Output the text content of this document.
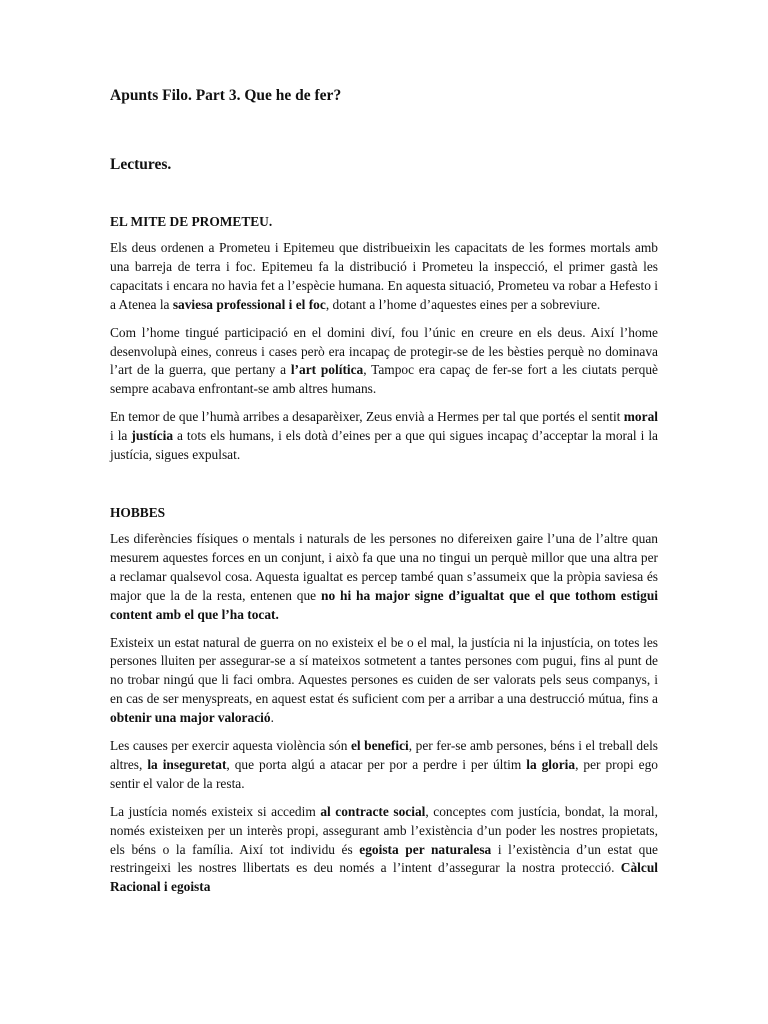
Apunts Filo. Part 3. Que he de fer?
Lectures.
EL MITE DE PROMETEU.

Els deus ordenen a Prometeu i Epitemeu que distribueixin les capacitats de les formes mortals amb una barreja de terra i foc. Epitemeu fa la distribució i Prometeu la inspecció, el primer gastà les capacitats i encara no havia fet a l’espècie humana. En aquesta situació, Prometeu va robar a Hefesto i a Atenea la saviesa professional i el foc, dotant a l’home d’aquestes eines per a sobreviure.

Com l’home tingué participació en el domini diví, fou l’únic en creure en els deus. Així l’home desenvolupà eines, conreus i cases però era incapaç de protegir-se de les bèsties perquè no dominava l’art de la guerra, que pertany a l’art política, Tampoc era capaç de fer-se fort a les ciutats perquè sempre acabava enfrontant-se amb altres humans.

En temor de que l’humà arribes a desaparèixer, Zeus envià a Hermes per tal que portés el sentit moral i la justícia a tots els humans, i els dotà d’eines per a que qui sigues incapaç d’acceptar la moral i la justícia, sigues expulsat.

HOBBES

Les diferències físiques o mentals i naturals de les persones no difereixen gaire l’una de l’altre quan mesurem aquestes forces en un conjunt, i això fa que una no tingui un perquè millor que una altra per a reclamar qualsevol cosa. Aquesta igualtat es percep també quan s’assumeix que la pròpia saviesa és major que la de la resta, entenen que no hi ha major signe d’igualtat que el que tothom estigui content amb el que l’ha tocat.

Existeix un estat natural de guerra on no existeix el be o el mal, la justícia ni la injustícia, on totes les persones lluiten per assegurar-se a sí mateixos sotmetent a tantes persones com pugui, fins al punt de no trobar ningú que li faci ombra. Aquestes persones es cuiden de ser valorats pels seus companys, i en cas de ser menyspreats, en aquest estat és suficient com per a arribar a una destrucció mútua, fins a obtenir una major valoració.

Les causes per exercir aquesta violència són el benefici, per fer-se amb persones, béns i el treball dels altres, la inseguretat, que porta algú a atacar per por a perdre i per últim la gloria, per propi ego sentir el valor de la resta.

La justícia només existeix si accedim al contracte social, conceptes com justícia, bondat, la moral, només existeixen per un interès propi, assegurant amb l’existència d’un poder les nostres propietats, els béns o la família. Així tot individu és egoista per naturalesa i l’existència d’un estat que restringeixi les nostres llibertats es deu només a l’intent d’assegurar la nostra protecció. Càlcul Racional i egoista
